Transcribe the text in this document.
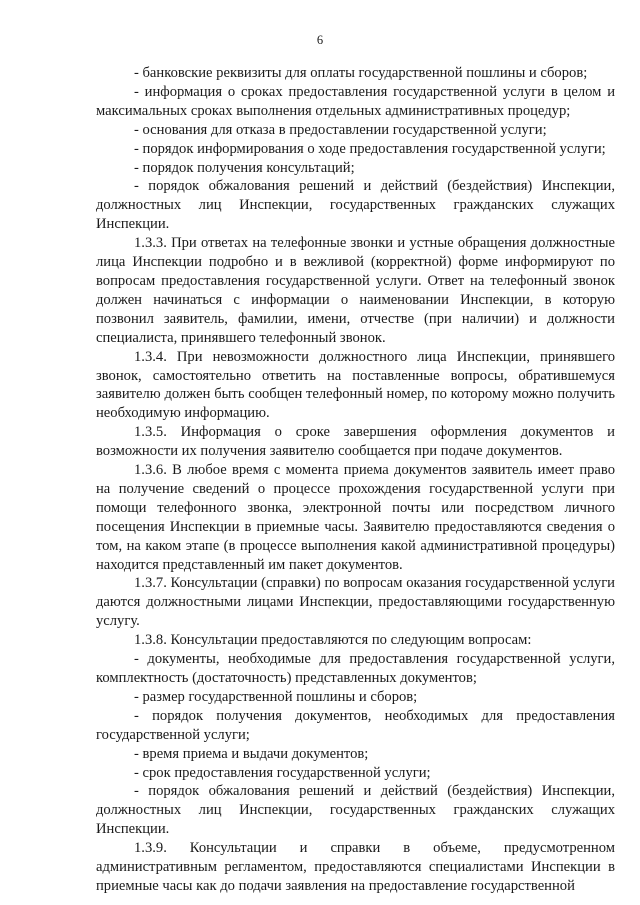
6

- банковские реквизиты для оплаты государственной пошлины и сборов;

- информация о сроках предоставления государственной услуги в целом и максимальных сроках выполнения отдельных административных процедур;

- основания для отказа в предоставлении государственной услуги;

- порядок информирования о ходе предоставления государственной услуги;

- порядок получения консультаций;

- порядок обжалования решений и действий (бездействия) Инспекции, должностных лиц Инспекции, государственных гражданских служащих Инспекции.

1.3.3. При ответах на телефонные звонки и устные обращения должностные лица Инспекции подробно и в вежливой (корректной) форме информируют по вопросам предоставления государственной услуги. Ответ на телефонный звонок должен начинаться с информации о наименовании Инспекции, в которую позвонил заявитель, фамилии, имени, отчестве (при наличии) и должности специалиста, принявшего телефонный звонок.

1.3.4. При невозможности должностного лица Инспекции, принявшего звонок, самостоятельно ответить на поставленные вопросы, обратившемуся заявителю должен быть сообщен телефонный номер, по которому можно получить необходимую информацию.

1.3.5. Информация о сроке завершения оформления документов и возможности их получения заявителю сообщается при подаче документов.

1.3.6. В любое время с момента приема документов заявитель имеет право на получение сведений о процессе прохождения государственной услуги при помощи телефонного звонка, электронной почты или посредством личного посещения Инспекции в приемные часы. Заявителю предоставляются сведения о том, на каком этапе (в процессе выполнения какой административной процедуры) находится представленный им пакет документов.

1.3.7. Консультации (справки) по вопросам оказания государственной услуги даются должностными лицами Инспекции, предоставляющими государственную услугу.

1.3.8. Консультации предоставляются по следующим вопросам:

- документы, необходимые для предоставления государственной услуги, комплектность (достаточность) представленных документов;

- размер государственной пошлины и сборов;

- порядок получения документов, необходимых для предоставления государственной услуги;

- время приема и выдачи документов;

- срок предоставления государственной услуги;

- порядок обжалования решений и действий (бездействия) Инспекции, должностных лиц Инспекции, государственных гражданских служащих Инспекции.

1.3.9. Консультации и справки в объеме, предусмотренном административным регламентом, предоставляются специалистами Инспекции в приемные часы как до подачи заявления на предоставление государственной
